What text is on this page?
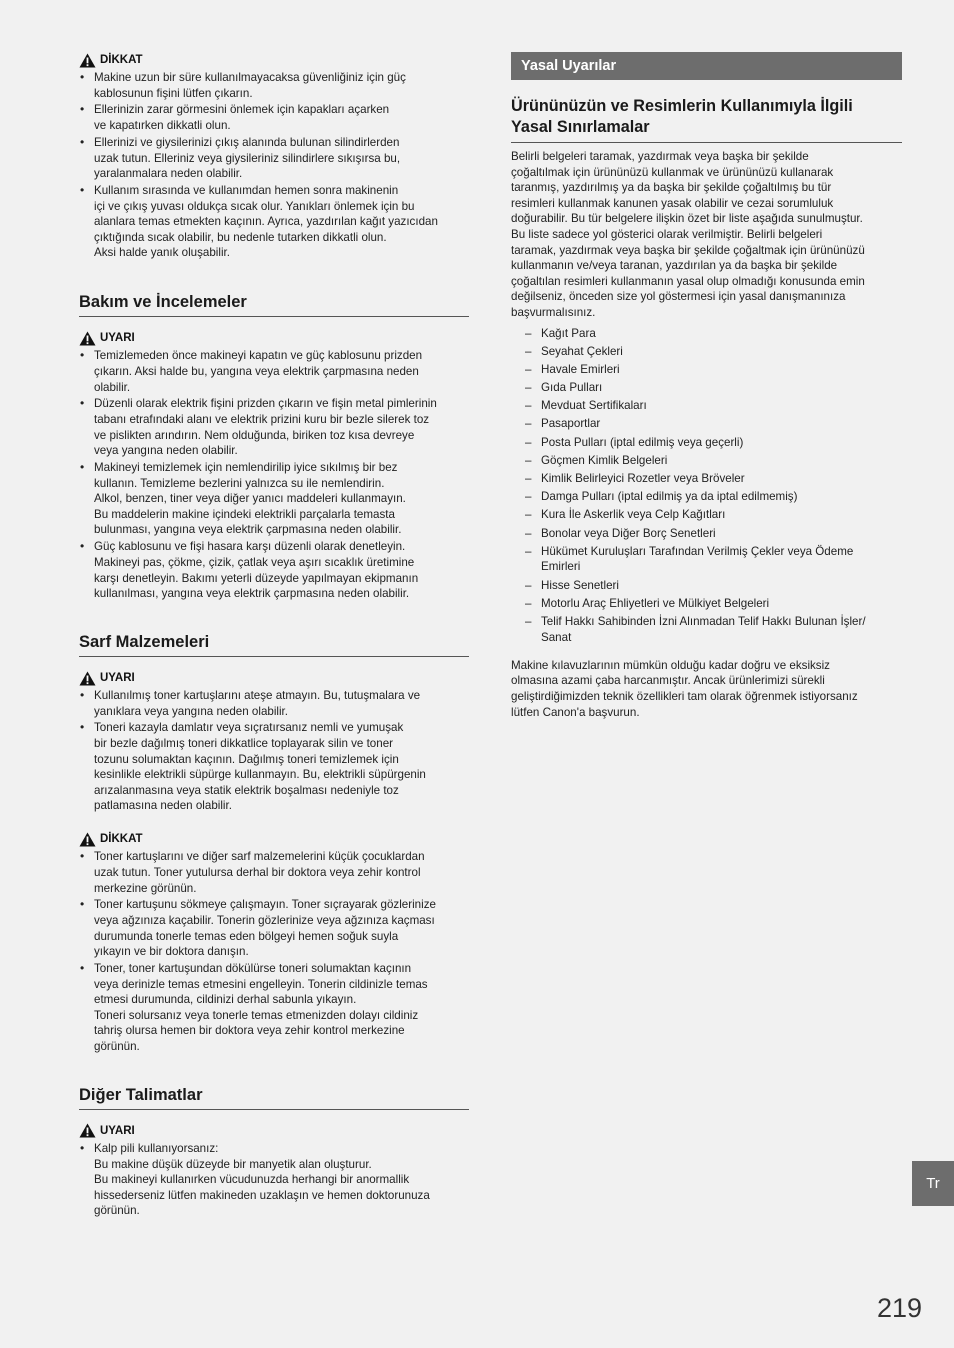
DİKKAT
• Makine uzun bir süre kullanılmayacaksa güvenliğiniz için güç
kablosunun fişini lütfen çıkarın.
• Ellerinizin zarar görmesini önlemek için kapakları açarken
ve kapatırken dikkatli olun.
• Ellerinizi ve giysilerinizi çıkış alanında bulunan silindirlerden
uzak tutun. Elleriniz veya giysileriniz silindirlere sıkışırsa bu,
yaralanmalara neden olabilir.
• Kullanım sırasında ve kullanımdan hemen sonra makinenin
içi ve çıkış yuvası oldukça sıcak olur. Yanıkları önlemek için bu
alanlara temas etmekten kaçının. Ayrıca, yazdırılan kağıt yazıcıdan
çıktığında sıcak olabilir, bu nedenle tutarken dikkatli olun.
Aksi halde yanık oluşabilir.
Bakım ve İncelemeler
UYARI
• Temizlemeden önce makineyi kapatın ve güç kablosunu prizden
çıkarın. Aksi halde bu, yangına veya elektrik çarpmasına neden
olabilir.
• Düzenli olarak elektrik fişini prizden çıkarın ve fişin metal pimlerinin
tabanı etrafındaki alanı ve elektrik prizini kuru bir bezle silerek toz
ve pislikten arındırın. Nem olduğunda, biriken toz kısa devreye
veya yangına neden olabilir.
• Makineyi temizlemek için nemlendirilip iyice sıkılmış bir bez
kullanın. Temizleme bezlerini yalnızca su ile nemlendirin.
Alkol, benzen, tiner veya diğer yanıcı maddeleri kullanmayın.
Bu maddelerin makine içindeki elektrikli parçalarla temasta
bulunması, yangına veya elektrik çarpmasına neden olabilir.
• Güç kablosunu ve fişi hasara karşı düzenli olarak denetleyin.
Makineyi pas, çökme, çizik, çatlak veya aşırı sıcaklık üretimine
karşı denetleyin. Bakımı yeterli düzeyde yapılmayan ekipmanın
kullanılması, yangına veya elektrik çarpmasına neden olabilir.
Sarf Malzemeleri
UYARI
• Kullanılmış toner kartuşlarını ateşe atmayın. Bu, tutuşmalara ve
yanıklara veya yangına neden olabilir.
• Toneri kazayla damlatır veya sıçratırsanız nemli ve yumuşak
bir bezle dağılmış toneri dikkatlice toplayarak silin ve toner
tozunu solumaktan kaçının. Dağılmış toneri temizlemek için
kesinlikle elektrikli süpürge kullanmayın. Bu, elektrikli süpürgenin
arızalanmasına veya statik elektrik boşalması nedeniyle toz
patlamasına neden olabilir.
DİKKAT
• Toner kartuşlarını ve diğer sarf malzemelerini küçük çocuklardan
uzak tutun. Toner yutulursa derhal bir doktora veya zehir kontrol
merkezine görünün.
• Toner kartuşunu sökmeye çalışmayın. Toner sıçrayarak gözlerinize
veya ağzınıza kaçabilir. Tonerin gözlerinize veya ağzınıza kaçması
durumunda tonerle temas eden bölgeyi hemen soğuk suyla
yıkayın ve bir doktora danışın.
• Toner, toner kartuşundan dökülürse toneri solumaktan kaçının
veya derinizle temas etmesini engelleyin. Tonerin cildinizle temas
etmesi durumunda, cildinizi derhal sabunla yıkayın.
Toneri solursanız veya tonerle temas etmenizden dolayı cildiniz
tahriş olursa hemen bir doktora veya zehir kontrol merkezine
görünün.
Diğer Talimatlar
UYARI
• Kalp pili kullanıyorsanız:
Bu makine düşük düzeyde bir manyetik alan oluşturur.
Bu makineyi kullanırken vücudunuzda herhangi bir anormallik
hissederseniz lütfen makineden uzaklaşın ve hemen doktorunuza
görünün.
Yasal Uyarılar
Ürününüzün ve Resimlerin Kullanımıyla İlgili
Yasal Sınırlamalar

Belirli belgeleri taramak, yazdırmak veya başka bir şekilde
çoğaltılmak için ürününüzü kullanmak ve ürününüzü kullanarak
taranmış, yazdırılmış ya da başka bir şekilde çoğaltılmış bu tür
resimleri kullanmak kanunen yasak olabilir ve cezai sorumluluk
doğurabilir. Bu tür belgelere ilişkin özet bir liste aşağıda sunulmuştur.
Bu liste sadece yol gösterici olarak verilmiştir. Belirli belgeleri
taramak, yazdırmak veya başka bir şekilde çoğaltmak için ürününüzü
kullanmanın ve/veya taranan, yazdırılan ya da başka bir şekilde
çoğaltılan resimleri kullanmanın yasal olup olmadığı konusunda emin
değilseniz, önceden size yol göstermesi için yasal danışmanınıza
başvurmalısınız.

– Kağıt Para
– Seyahat Çekleri
– Havale Emirleri
– Gıda Pulları
– Mevduat Sertifikaları
– Pasaportlar
– Posta Pulları (iptal edilmiş veya geçerli)
– Göçmen Kimlik Belgeleri
– Kimlik Belirleyici Rozetler veya Bröveler
– Damga Pulları (iptal edilmiş ya da iptal edilmemiş)
– Kura İle Askerlik veya Celp Kağıtları
– Bonolar veya Diğer Borç Senetleri
– Hükümet Kuruluşları Tarafından Verilmiş Çekler veya Ödeme
Emirleri
– Hisse Senetleri
– Motorlu Araç Ehliyetleri ve Mülkiyet Belgeleri
– Telif Hakkı Sahibinden İzni Alınmadan Telif Hakkı Bulunan İşler/
Sanat

Makine kılavuzlarının mümkün olduğu kadar doğru ve eksiksiz
olmasına azami çaba harcanmıştır. Ancak ürünlerimizi sürekli
geliştirdiğimizden teknik özellikleri tam olarak öğrenmek istiyorsanız
lütfen Canon'a başvurun.

Tr
219
